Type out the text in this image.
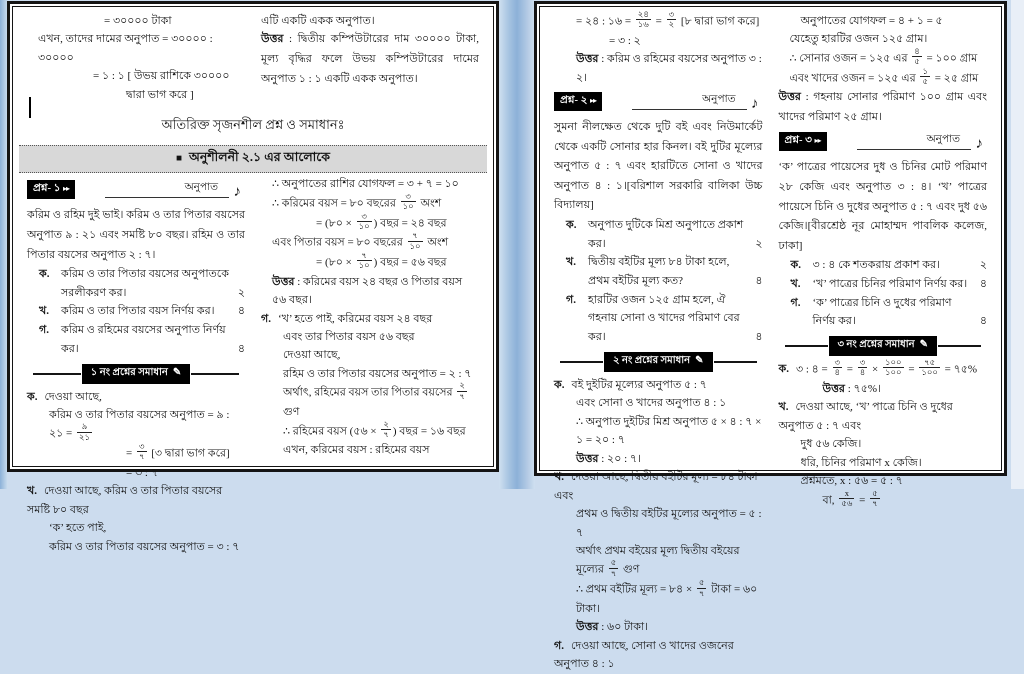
= ৩০০০০ টাকা
এখন, তাদের দামের অনুপাত = ৩০০০০ : ৩০০০০
= ১ : ১ [ উভয় রাশিকে ৩০০০০
দ্বারা ভাগ করে ]
এটি একটি একক অনুপাত।
উত্তর : দ্বিতীয় কম্পিউটারের দাম ৩০০০০ টাকা, মূল্য বৃদ্ধির ফলে উভয় কম্পিউটারের দামের অনুপাত ১ : ১ একটি একক অনুপাত।
অতিরিক্ত সৃজনশীল প্রশ্ন ও সমাধানঃ
■ অনুশীলনী ২.১ এর আলোকে
প্রশ্ন- ১ ▸▸	অনুপাত ♪
করিম ও রহিম দুই ভাই। করিম ও তার পিতার বয়সের অনুপাত ৯ : ২১ এবং সমষ্টি ৮০ বছর। রহিম ও তার পিতার বয়সের অনুপাত ২ : ৭।
ক.	করিম ও তার পিতার বয়সের অনুপাতকে সরলীকরণ কর।	২
খ.	করিম ও তার পিতার বয়স নির্ণয় কর।	৪
গ.	করিম ও রহিমের বয়সের অনুপাত নির্ণয় কর।	৪
১ নং প্রশ্নের সমাধান ✎
ক. দেওয়া আছে,
করিম ও তার পিতার বয়সের অনুপাত = ৯ : ২১ = $\frac{৯}{২১}$
= $\frac{৩}{৭}$ [৩ দ্বারা ভাগ করে]
= ৩ : ৭
খ. দেওয়া আছে, করিম ও তার পিতার বয়সের সমষ্টি ৮০ বছর
‘ক’ হতে পাই,
করিম ও তার পিতার বয়সের অনুপাত = ৩ : ৭
∴ অনুপাতের রাশির যোগফল = ৩ + ৭ = ১০
∴ করিমের বয়স = ৮০ বছরের $\frac{৩}{১০}$ অংশ
= (৮০ × $\frac{৩}{১০}$ ) বছর = ২৪ বছর
এবং পিতার বয়স = ৮০ বছরের $\frac{৭}{১০}$ অংশ
= (৮০ × $\frac{৭}{১০}$ ) বছর = ৫৬ বছর
উত্তর : করিমের বয়স ২৪ বছর ও পিতার বয়স ৫৬ বছর।
গ. ‘খ’ হতে পাই, করিমের বয়স ২৪ বছর
এবং তার পিতার বয়স ৫৬ বছর
দেওয়া আছে,
রহিম ও তার পিতার বয়সের অনুপাত = ২ : ৭
অর্থাৎ, রহিমের বয়স তার পিতার বয়সের $\frac{২}{৭}$
গুণ
∴ রহিমের বয়স (৫৬ × $\frac{২}{৭}$ ) বছর = ১৬ বছর
এখন, করিমের বয়স : রহিমের বয়স
= ২৪ : ১৬ = $\frac{২৪}{১৬} = \frac{৩}{২}$ [৮ দ্বারা ভাগ করে]
= ৩ : ২
উত্তর : করিম ও রহিমের বয়সের অনুপাত ৩ : ২।
প্রশ্ন- ২ ▸▸	অনুপাত ♪
সুমনা নীলক্ষেত থেকে দুটি বই এবং নিউমার্কেট থেকে একটি সোনার হার কিনল। বই দুটির মূল্যের অনুপাত ৫ : ৭ এবং হারটিতে সোনা ও খাদের অনুপাত ৪ : ১।[বরিশাল সরকারি বালিকা উচ্চ বিদ্যালয়]
ক.	অনুপাত দুটিকে মিশ্র অনুপাতে প্রকাশ কর।	২
খ.	দ্বিতীয় বইটির মূল্য ৮৪ টাকা হলে, প্রথম বইটির মূল্য কত?	৪
গ.	হারটির ওজন ১২৫ গ্রাম হলে, ঐ গহনায় সোনা ও খাদের পরিমাণ বের কর।	৪
২ নং প্রশ্নের সমাধান ✎
ক. বই দুইটির মূল্যের অনুপাত ৫ : ৭
এবং সোনা ও খাদের অনুপাত ৪ : ১
∴ অনুপাত দুইটির মিশ্র অনুপাত ৫ × ৪ : ৭ × ১ = ২০ : ৭
উত্তর : ২০ : ৭।
খ. দেওয়া আছে, দ্বিতীয় বইটির মূল্য = ৮৪ টাকা এবং
প্রথম ও দ্বিতীয় বইটির মূল্যের অনুপাত = ৫ : ৭
অর্থাৎ প্রথম বইয়ের মূল্য দ্বিতীয় বইয়ের মূল্যের $\frac{৫}{৭}$ গুণ
∴ প্রথম বইটির মূল্য = ৮৪ × $\frac{৫}{৭}$ টাকা = ৬০ টাকা।
উত্তর : ৬০ টাকা।
গ. দেওয়া আছে, সোনা ও খাদের ওজনের অনুপাত ৪ : ১
অনুপাতের যোগফল = ৪ + ১ = ৫
যেহেতু হারটির ওজন ১২৫ গ্রাম।
∴ সোনার ওজন = ১২৫ এর $\frac{৪}{৫}$ = ১০০ গ্রাম
এবং খাদের ওজন = ১২৫ এর $\frac{১}{৫}$ = ২৫ গ্রাম
উত্তর : গহনায় সোনার পরিমাণ ১০০ গ্রাম এবং খাদের পরিমাণ ২৫ গ্রাম।
প্রশ্ন- ৩ ▸▸	অনুপাত ♪
‘ক’ পাত্রের পায়েসের দুধ ও চিনির মোট পরিমাণ ২৮ কেজি এবং অনুপাত ৩ : ৪। ‘খ’ পাত্রের পায়েসে চিনি ও দুধের অনুপাত ৫ : ৭ এবং দুধ ৫৬ কেজি।[বীরশ্রেষ্ঠ নূর মোহাম্মদ পাবলিক কলেজ, ঢাকা]
ক.	৩ : ৪ কে শতকরায় প্রকাশ কর।	২
খ.	‘খ’ পাত্রের চিনির পরিমাণ নির্ণয় কর।	৪
গ.	‘ক’ পাত্রের চিনি ও দুধের পরিমাণ নির্ণয় কর।	৪
৩ নং প্রশ্নের সমাধান ✎
ক. ৩ : ৪ = $\frac{৩}{৪} = \frac{৩}{৪} \times \frac{১০০}{১০০} = \frac{৭৫}{১০০}$ = ৭৫%
উত্তর : ৭৫%।
খ. দেওয়া আছে, ‘খ’ পাত্রে চিনি ও দুধের অনুপাত ৫ : ৭ এবং
দুধ ৫৬ কেজি।
ধরি, চিনির পরিমাণ x কেজি।
প্রশ্নমতে, x : ৫৬ = ৫ : ৭
বা, $\frac{x}{৫৬} = \frac{৫}{৭}$
